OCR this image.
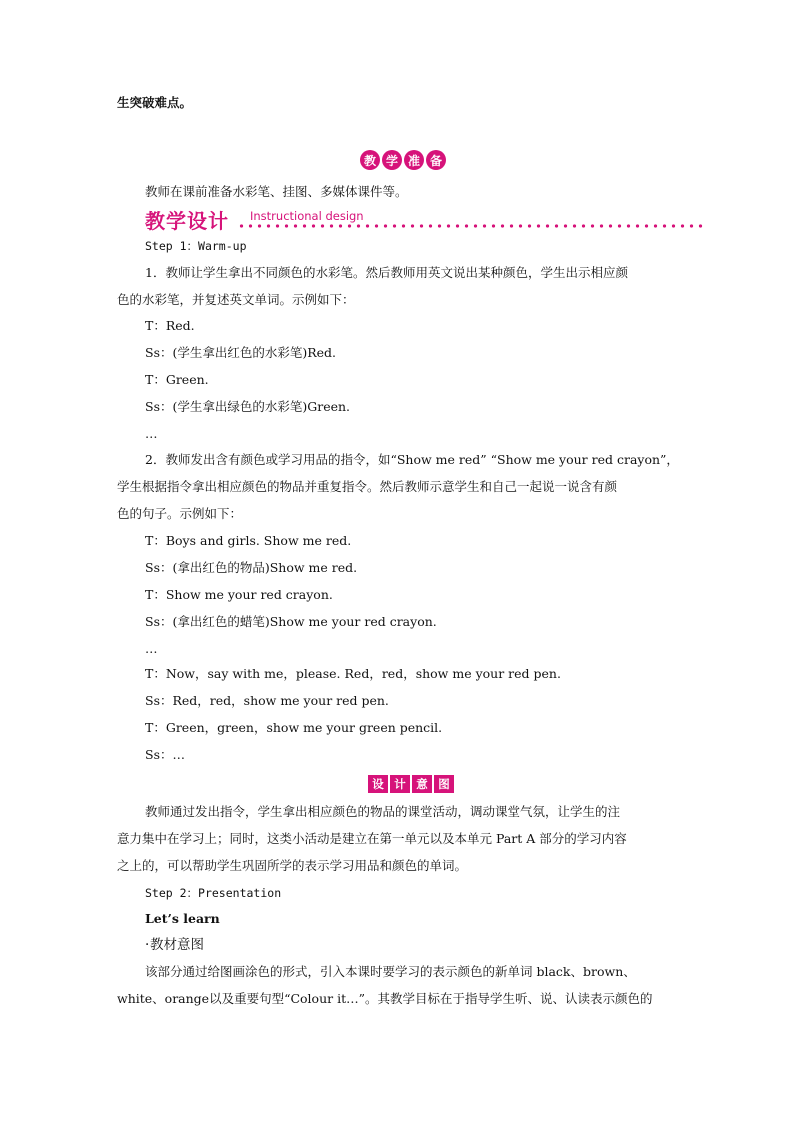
生突破难点。
教 学 准 备
教师在课前准备水彩笔、挂图、多媒体课件等。
教学设计 Instructional design
Step 1：Warm-up
1．教师让学生拿出不同颜色的水彩笔。然后教师用英文说出某种颜色，学生出示相应颜
色的水彩笔，并复述英文单词。示例如下：
T：Red.
Ss：(学生拿出红色的水彩笔)Red.
T：Green.
Ss：(学生拿出绿色的水彩笔)Green.
…
2．教师发出含有颜色或学习用品的指令，如“Show me red” “Show me your red crayon”，
学生根据指令拿出相应颜色的物品并重复指令。然后教师示意学生和自己一起说一说含有颜
色的句子。示例如下：
T：Boys and girls. Show me red.
Ss：(拿出红色的物品)Show me red.
T：Show me your red crayon.
Ss：(拿出红色的蜡笔)Show me your red crayon.
…
T：Now，say with me，please. Red，red，show me your red pen.
Ss：Red，red，show me your red pen.
T：Green，green，show me your green pencil.
Ss：…
设 计 意 图
教师通过发出指令，学生拿出相应颜色的物品的课堂活动，调动课堂气氛，让学生的注
意力集中在学习上；同时，这类小活动是建立在第一单元以及本单元 Part A 部分的学习内容
之上的，可以帮助学生巩固所学的表示学习用品和颜色的单词。
Step 2：Presentation
Let’s learn
·教材意图
该部分通过给图画涂色的形式，引入本课时要学习的表示颜色的新单词 black、brown、
white、orange以及重要句型“Colour it…”。其教学目标在于指导学生听、说、认读表示颜色的
